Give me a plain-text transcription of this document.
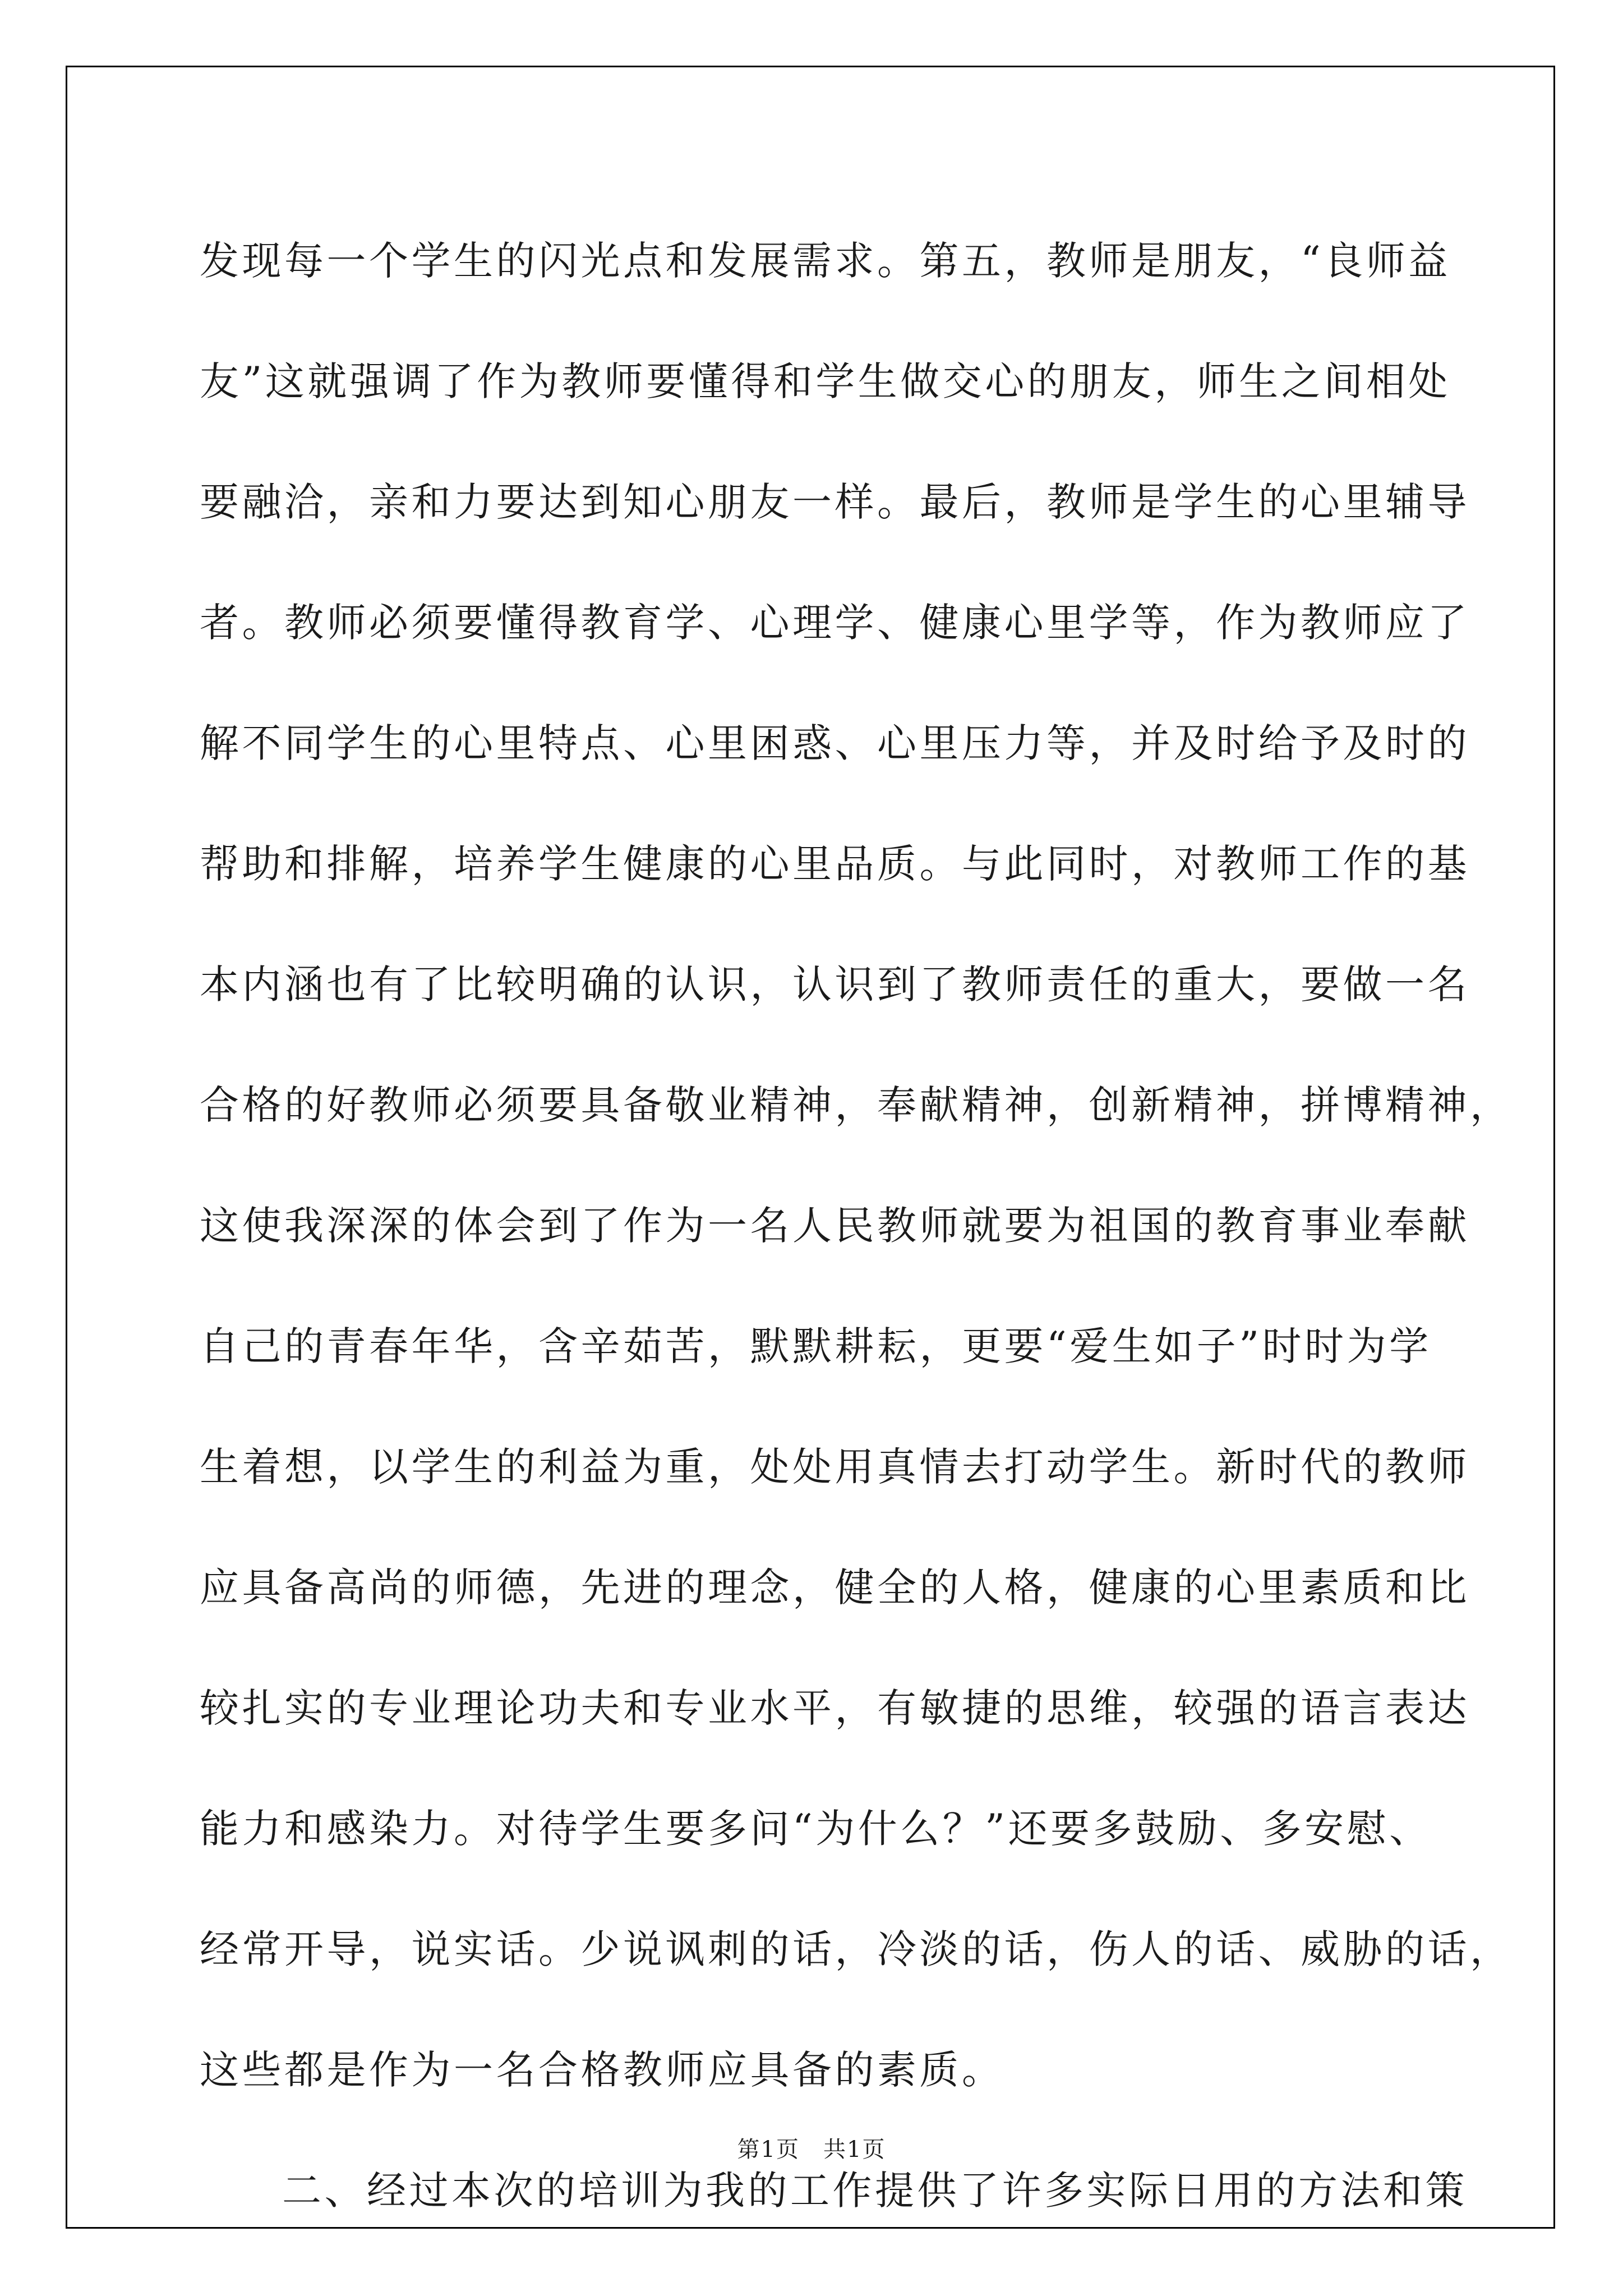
发现每一个学生的闪光点和发展需求。第五，教师是朋友，“良师益
友”这就强调了作为教师要懂得和学生做交心的朋友，师生之间相处
要融洽，亲和力要达到知心朋友一样。最后，教师是学生的心里辅导
者。教师必须要懂得教育学、心理学、健康心里学等，作为教师应了
解不同学生的心里特点、心里困惑、心里压力等，并及时给予及时的
帮助和排解，培养学生健康的心里品质。与此同时，对教师工作的基
本内涵也有了比较明确的认识，认识到了教师责任的重大，要做一名
合格的好教师必须要具备敬业精神，奉献精神，创新精神，拼博精神，
这使我深深的体会到了作为一名人民教师就要为祖国的教育事业奉献
自己的青春年华，含辛茹苦，默默耕耘，更要“爱生如子”时时为学
生着想，以学生的利益为重，处处用真情去打动学生。新时代的教师
应具备高尚的师德，先进的理念，健全的人格，健康的心里素质和比
较扎实的专业理论功夫和专业水平，有敏捷的思维，较强的语言表达
能力和感染力。对待学生要多问“为什么？”还要多鼓励、多安慰、
经常开导，说实话。少说讽刺的话，冷淡的话，伤人的话、威胁的话，
这些都是作为一名合格教师应具备的素质。
二、经过本次的培训为我的工作提供了许多实际日用的方法和策
第1页　共1页
